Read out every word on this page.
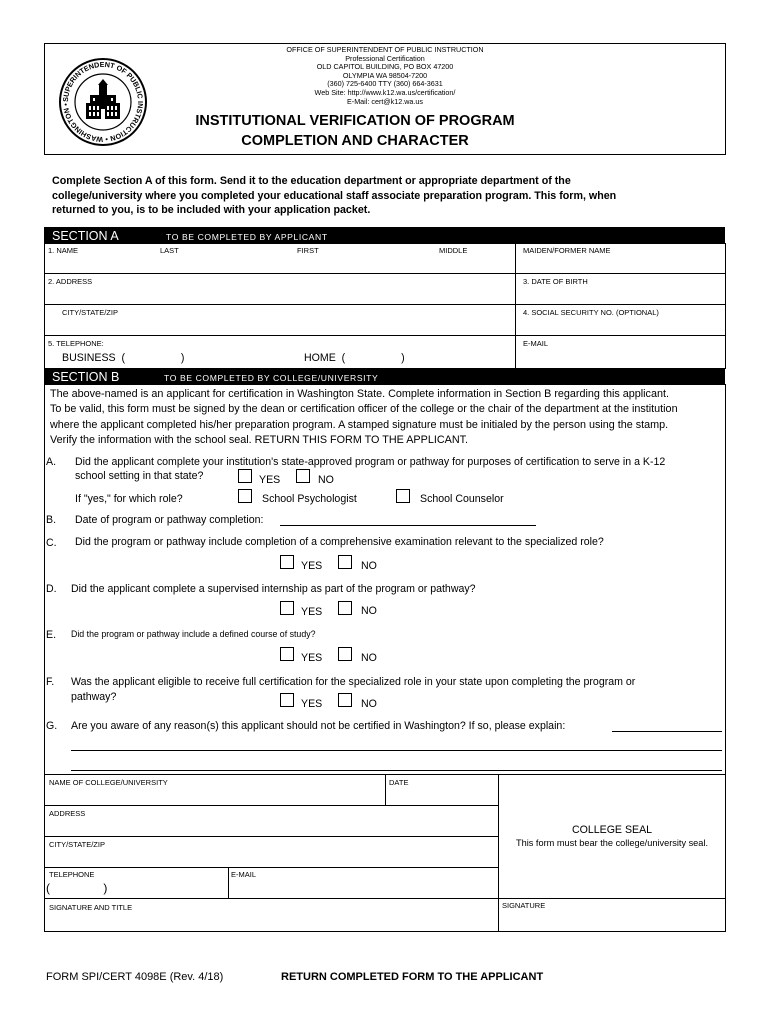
SUPERINTENDENT OF PUBLIC INSTRUCTION • WASHINGTON •
OFFICE OF SUPERINTENDENT OF PUBLIC INSTRUCTION
Professional Certification
OLD CAPITOL BUILDING, PO BOX 47200
OLYMPIA WA 98504-7200
(360) 725-6400 TTY (360) 664-3631
Web Site: http://www.k12.wa.us/certification/
E-Mail: cert@k12.wa.us
INSTITUTIONAL VERIFICATION OF PROGRAM
COMPLETION AND CHARACTER
Complete Section A of this form. Send it to the education department or appropriate department of the
college/university where you completed your educational staff associate preparation program. This form, when
returned to you, is to be included with your application packet.
SECTION A	TO BE COMPLETED BY APPLICANT
1. NAME	LAST	FIRST	MIDDLE	MAIDEN/FORMER NAME
2. ADDRESS	3. DATE OF BIRTH
CITY/STATE/ZIP	4. SOCIAL SECURITY NO. (OPTIONAL)
5. TELEPHONE:	E-MAIL
BUSINESS  (                   )	HOME  (                   )
SECTION B	TO BE COMPLETED BY COLLEGE/UNIVERSITY
The above-named is an applicant for certification in Washington State. Complete information in Section B regarding this applicant.
To be valid, this form must be signed by the dean or certification officer of the college or the chair of the department at the institution
where the applicant completed his/her preparation program. A stamped signature must be initialed by the person using the stamp.
Verify the information with the school seal. RETURN THIS FORM TO THE APPLICANT.
A. Did the applicant complete your institution's state-approved program or pathway for purposes of certification to serve in a K-12
school setting in that state?	YES	NO
If "yes," for which role?	School Psychologist	School Counselor
B. Date of program or pathway completion:
C. Did the program or pathway include completion of a comprehensive examination relevant to the specialized role?
YES	NO
D. Did the applicant complete a supervised internship as part of the program or pathway?
YES	NO
E. Did the program or pathway include a defined course of study?
YES	NO
F. Was the applicant eligible to receive full certification for the specialized role in your state upon completing the program or
pathway?
YES	NO
G. Are you aware of any reason(s) this applicant should not be certified in Washington? If so, please explain:
NAME OF COLLEGE/UNIVERSITY	DATE
ADDRESS
CITY/STATE/ZIP
TELEPHONE	E-MAIL
(                )
SIGNATURE AND TITLE	SIGNATURE
COLLEGE SEAL
This form must bear the college/university seal.
FORM SPI/CERT 4098E (Rev. 4/18)	RETURN COMPLETED FORM TO THE APPLICANT
